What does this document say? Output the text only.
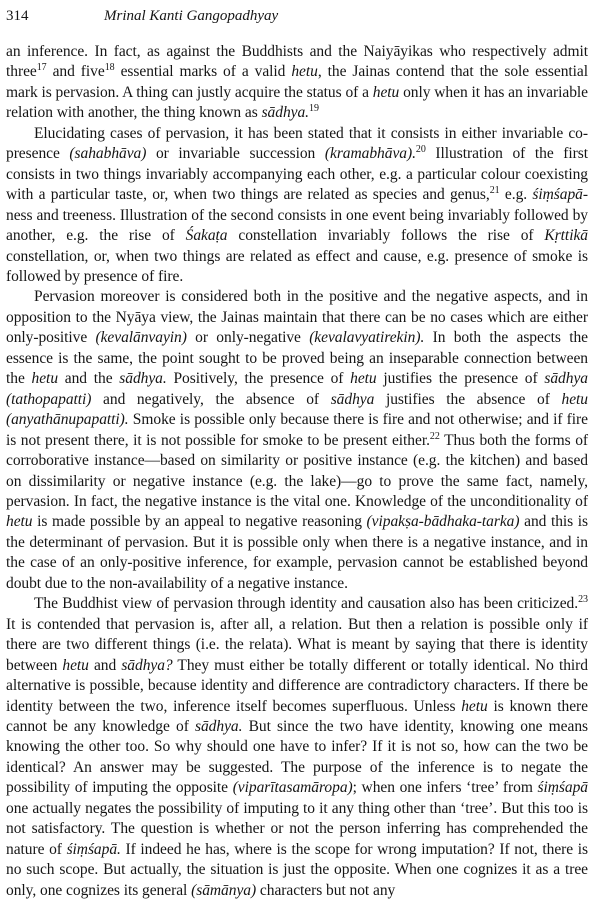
314	Mrinal Kanti Gangopadhyay

an inference. In fact, as against the Buddhists and the Naiyāyikas who respectively admit three$^{17}$ and five$^{18}$ essential marks of a valid hetu, the Jainas contend that the sole essential mark is pervasion. A thing can justly acquire the status of a hetu only when it has an invariable relation with another, the thing known as sādhya.$^{19}$

Elucidating cases of pervasion, it has been stated that it consists in either invariable co-presence (sahabhāva) or invariable succession (kramabhāva).$^{20}$ Illustration of the first consists in two things invariably accompanying each other, e.g. a particular colour coexisting with a particular taste, or, when two things are related as species and genus,$^{21}$ e.g. śiṃśapā-ness and treeness. Illustration of the second consists in one event being invariably followed by another, e.g. the rise of Śakaṭa constellation invariably follows the rise of Kṛttikā constellation, or, when two things are related as effect and cause, e.g. presence of smoke is followed by presence of fire.

Pervasion moreover is considered both in the positive and the negative aspects, and in opposition to the Nyāya view, the Jainas maintain that there can be no cases which are either only-positive (kevalānvayin) or only-negative (kevalavyatirekin). In both the aspects the essence is the same, the point sought to be proved being an inseparable connection between the hetu and the sādhya. Positively, the presence of hetu justifies the presence of sādhya (tathopapatti) and negatively, the absence of sādhya justifies the absence of hetu (anyathānupapatti). Smoke is possible only because there is fire and not otherwise; and if fire is not present there, it is not possible for smoke to be present either.$^{22}$ Thus both the forms of corroborative instance—based on similarity or positive instance (e.g. the kitchen) and based on dissimilarity or negative instance (e.g. the lake)—go to prove the same fact, namely, pervasion. In fact, the negative instance is the vital one. Knowledge of the unconditionality of hetu is made possible by an appeal to negative reasoning (vipakṣa-bādhaka-tarka) and this is the determinant of pervasion. But it is possible only when there is a negative instance, and in the case of an only-positive inference, for example, pervasion cannot be established beyond doubt due to the non-availability of a negative instance.

The Buddhist view of pervasion through identity and causation also has been criticized.$^{23}$ It is contended that pervasion is, after all, a relation. But then a relation is possible only if there are two different things (i.e. the relata). What is meant by saying that there is identity between hetu and sādhya? They must either be totally different or totally identical. No third alternative is possible, because identity and difference are contradictory characters. If there be identity between the two, inference itself becomes superfluous. Unless hetu is known there cannot be any knowledge of sādhya. But since the two have identity, knowing one means knowing the other too. So why should one have to infer? If it is not so, how can the two be identical? An answer may be suggested. The purpose of the inference is to negate the possibility of imputing the opposite (viparītasamāropa); when one infers ‘tree’ from śiṃśapā one actually negates the possibility of imputing to it any thing other than ‘tree’. But this too is not satisfactory. The question is whether or not the person inferring has comprehended the nature of śiṃśapā. If indeed he has, where is the scope for wrong imputation? If not, there is no such scope. But actually, the situation is just the opposite. When one cognizes it as a tree only, one cognizes its general (sāmānya) characters but not any
